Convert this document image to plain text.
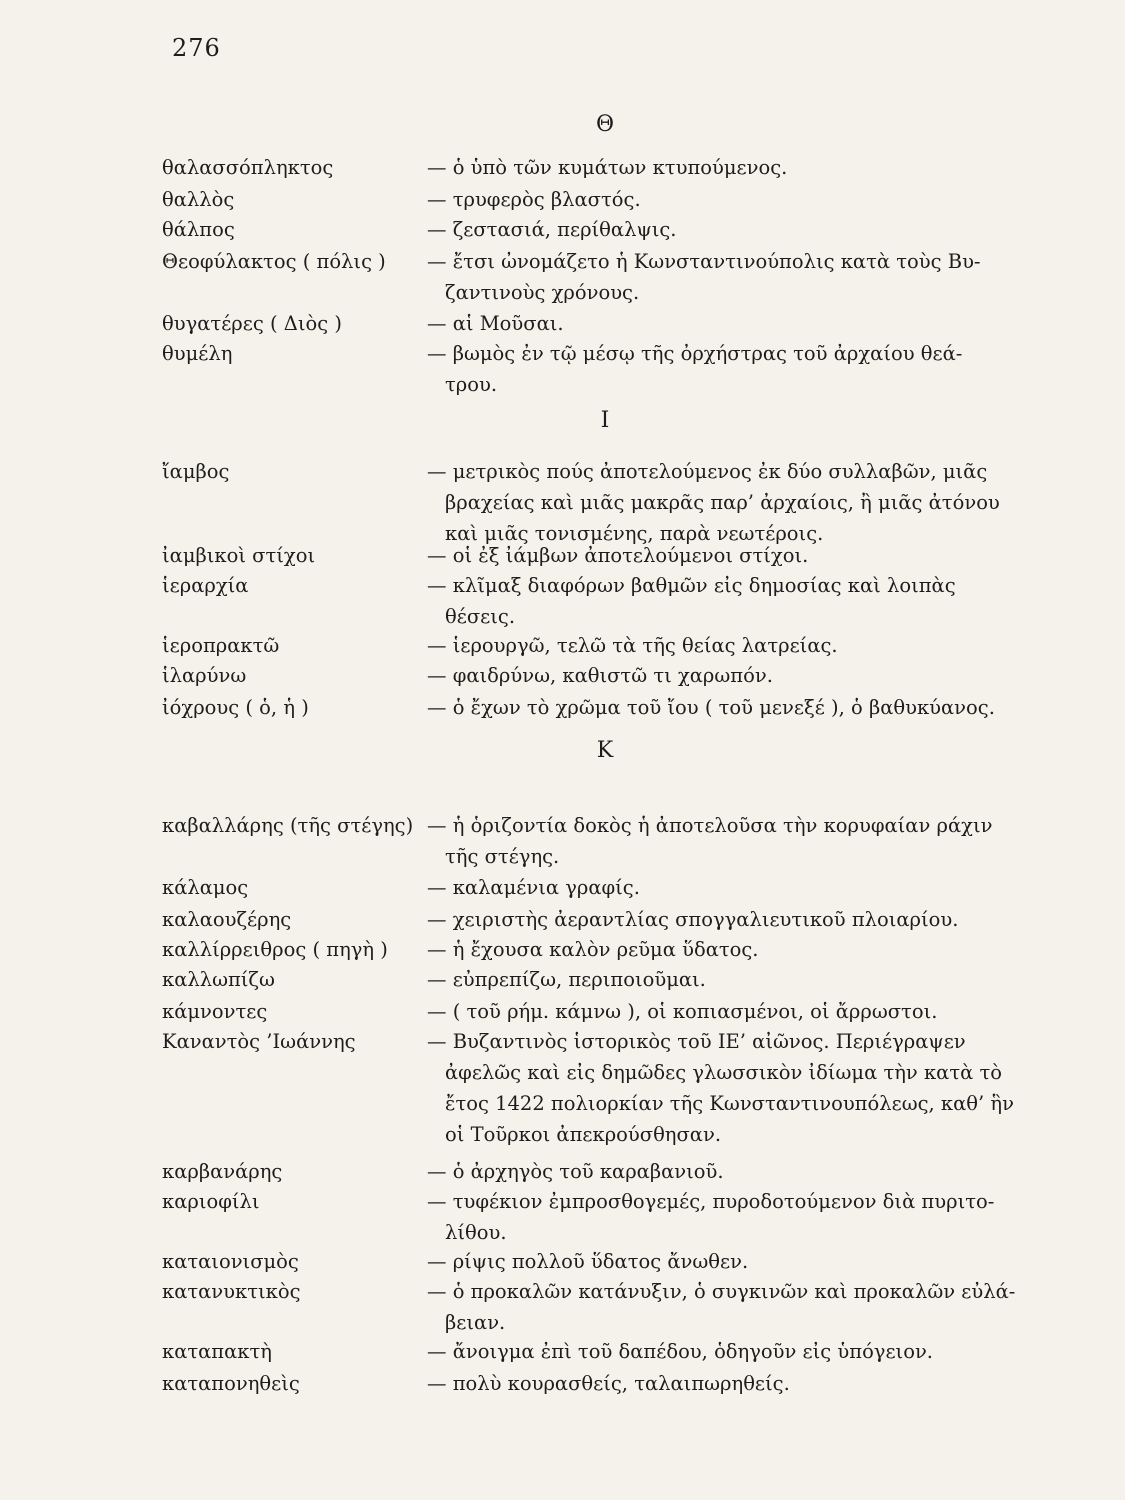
276
Θ
θαλασσόπληκτος	— ὁ ὑπὸ τῶν κυμάτων κτυπούμενος.
θαλλὸς	— τρυφερὸς βλαστός.
θάλπος	— ζεστασιά, περίθαλψις.
Θεοφύλακτος ( πόλις ) — ἔτσι ὠνομάζετο ἡ Κωνσταντινούπολις κατὰ τοὺς Βυ-
ζαντινοὺς χρόνους.
θυγατέρες ( Διὸς )	— αἱ Μοῦσαι.
θυμέλη	— βωμὸς ἐν τῷ μέσῳ τῆς ὀρχήστρας τοῦ ἀρχαίου θεά-
τρου.
Ι
ἴαμβος	— μετρικὸς πούς ἀποτελούμενος ἐκ δύο συλλαβῶν, μιᾶς
βραχείας καὶ μιᾶς μακρᾶς παρ’ ἀρχαίοις, ἢ μιᾶς ἀτόνου
καὶ μιᾶς τονισμένης, παρὰ νεωτέροις.
ἰαμβικοὶ στίχοι	— οἱ ἐξ ἰάμβων ἀποτελούμενοι στίχοι.
ἱεραρχία	— κλῖμαξ διαφόρων βαθμῶν εἰς δημοσίας καὶ λοιπὰς
θέσεις.
ἱεροπρακτῶ	— ἱερουργῶ, τελῶ τὰ τῆς θείας λατρείας.
ἱλαρύνω	— φαιδρύνω, καθιστῶ τι χαρωπόν.
ἰόχρους ( ὁ, ἡ )	— ὁ ἔχων τὸ χρῶμα τοῦ ἴου ( τοῦ μενεξέ ), ὁ βαθυκύανος.
Κ
καβαλλάρης (τῆς στέγης) — ἡ ὁριζοντία δοκὸς ἡ ἀποτελοῦσα τὴν κορυφαίαν ράχιν
τῆς στέγης.
κάλαμος	— καλαμένια γραφίς.
καλαουζέρης	— χειριστὴς ἀεραντλίας σπογγαλιευτικοῦ πλοιαρίου.
καλλίρρειθρος ( πηγὴ ) — ἡ ἔχουσα καλὸν ρεῦμα ὕδατος.
καλλωπίζω	— εὐπρεπίζω, περιποιοῦμαι.
κάμνοντες	— ( τοῦ ρήμ. κάμνω ), οἱ κοπιασμένοι, οἱ ἄρρωστοι.
Καναντὸς ’Ιωάννης	— Βυζαντινὸς ἱστορικὸς τοῦ ΙΕ’ αἰῶνος. Περιέγραψεν
ἀφελῶς καὶ εἰς δημῶδες γλωσσικὸν ἰδίωμα τὴν κατὰ τὸ
ἔτος 1422 πολιορκίαν τῆς Κωνσταντινουπόλεως, καθ’ ἣν
οἱ Τοῦρκοι ἀπεκρούσθησαν.
καρβανάρης	— ὁ ἀρχηγὸς τοῦ καραβανιοῦ.
καριοφίλι	— τυφέκιον ἐμπροσθογεμές, πυροδοτούμενον διὰ πυριτο-
λίθου.
καταιονισμὸς	— ρίψις πολλοῦ ὕδατος ἄνωθεν.
κατανυκτικὸς	— ὁ προκαλῶν κατάνυξιν, ὁ συγκινῶν καὶ προκαλῶν εὐλά-
βειαν.
καταπακτὴ	— ἄνοιγμα ἐπὶ τοῦ δαπέδου, ὁδηγοῦν εἰς ὑπόγειον.
καταπονηθεὶς	— πολὺ κουρασθείς, ταλαιπωρηθείς.
